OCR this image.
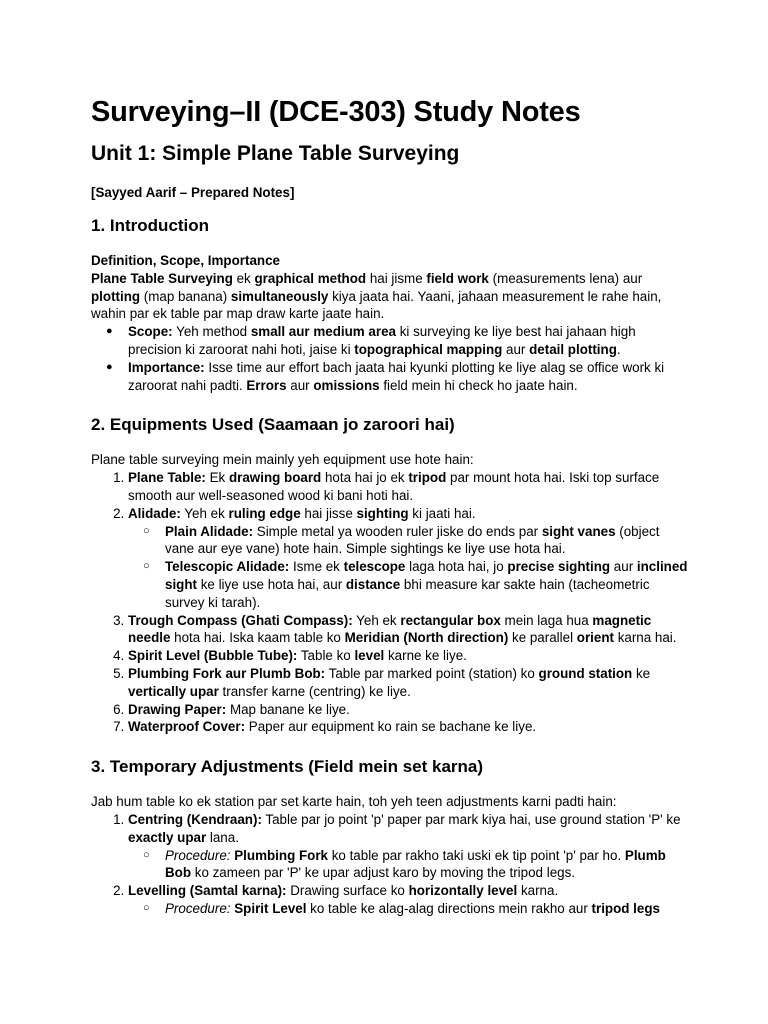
Surveying–II (DCE-303) Study Notes
Unit 1: Simple Plane Table Surveying
[Sayyed Aarif – Prepared Notes]
1. Introduction

Definition, Scope, Importance

Plane Table Surveying ek graphical method hai jisme field work (measurements lena) aur plotting (map banana) simultaneously kiya jaata hai. Yaani, jahaan measurement le rahe hain, wahin par ek table par map draw karte jaate hain.

● Scope: Yeh method small aur medium area ki surveying ke liye best hai jahaan high precision ki zaroorat nahi hoti, jaise ki topographical mapping aur detail plotting.
● Importance: Isse time aur effort bach jaata hai kyunki plotting ke liye alag se office work ki zaroorat nahi padti. Errors aur omissions field mein hi check ho jaate hain.
2. Equipments Used (Saamaan jo zaroori hai)

Plane table surveying mein mainly yeh equipment use hote hain:

1. Plane Table: Ek drawing board hota hai jo ek tripod par mount hota hai. Iski top surface smooth aur well-seasoned wood ki bani hoti hai.
2. Alidade: Yeh ek ruling edge hai jisse sighting ki jaati hai.
○ Plain Alidade: Simple metal ya wooden ruler jiske do ends par sight vanes (object vane aur eye vane) hote hain. Simple sightings ke liye use hota hai.
○ Telescopic Alidade: Isme ek telescope laga hota hai, jo precise sighting aur inclined sight ke liye use hota hai, aur distance bhi measure kar sakte hain (tacheometric survey ki tarah).
3. Trough Compass (Ghati Compass): Yeh ek rectangular box mein laga hua magnetic needle hota hai. Iska kaam table ko Meridian (North direction) ke parallel orient karna hai.
4. Spirit Level (Bubble Tube): Table ko level karne ke liye.
5. Plumbing Fork aur Plumb Bob: Table par marked point (station) ko ground station ke vertically upar transfer karne (centring) ke liye.
6. Drawing Paper: Map banane ke liye.
7. Waterproof Cover: Paper aur equipment ko rain se bachane ke liye.
3. Temporary Adjustments (Field mein set karna)

Jab hum table ko ek station par set karte hain, toh yeh teen adjustments karni padti hain:

1. Centring (Kendraan): Table par jo point 'p' paper par mark kiya hai, use ground station 'P' ke exactly upar lana.
○ Procedure: Plumbing Fork ko table par rakho taki uski ek tip point 'p' par ho. Plumb Bob ko zameen par 'P' ke upar adjust karo by moving the tripod legs.
2. Levelling (Samtal karna): Drawing surface ko horizontally level karna.
○ Procedure: Spirit Level ko table ke alag-alag directions mein rakho aur tripod legs
